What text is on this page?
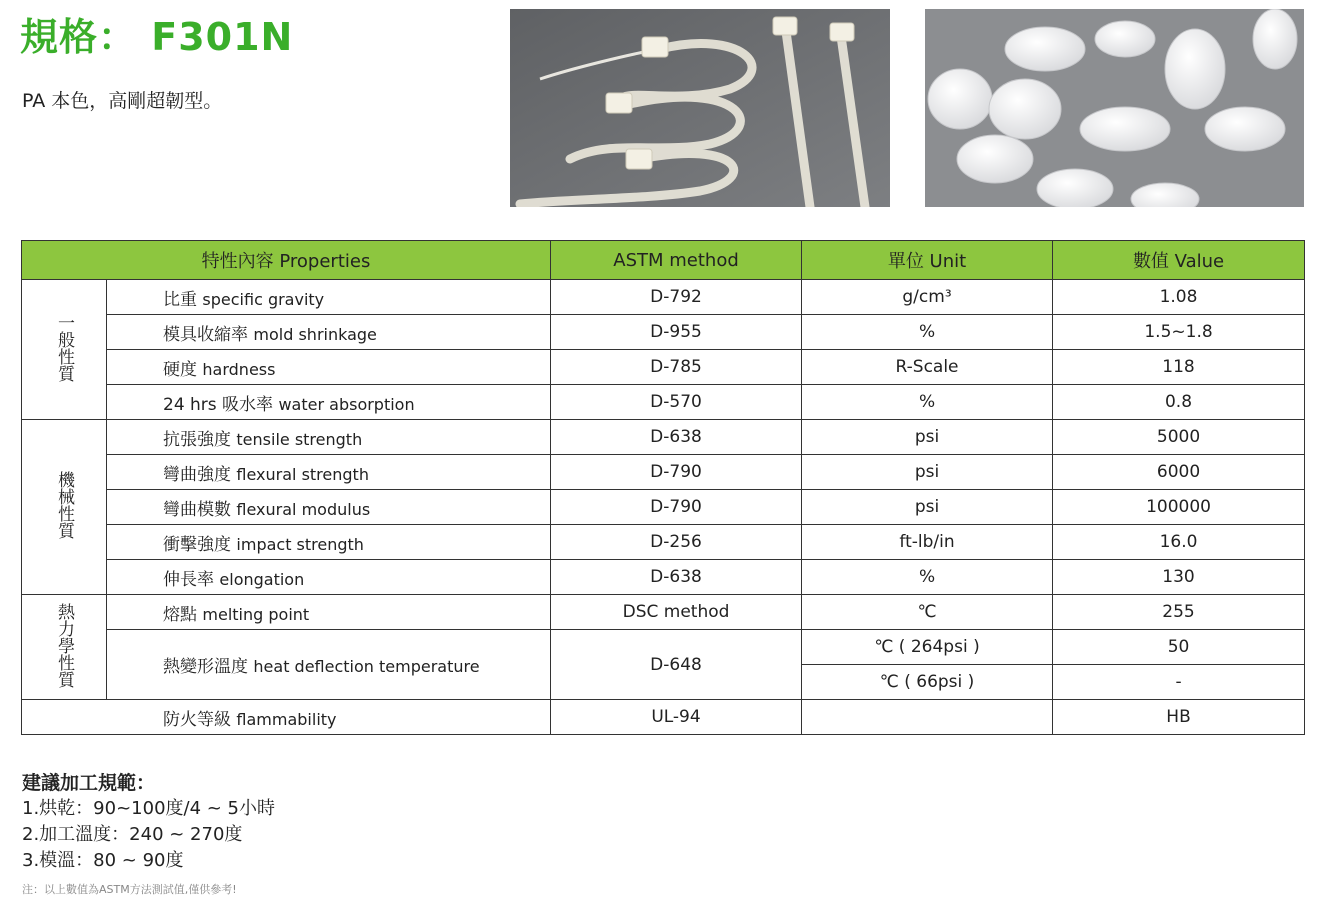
規格： F301N
PA 本色，高剛超韌型。
特性內容 Properties		ASTM method	單位 Unit	數值 Value
一般性質	比重 specific gravity	D-792	g/cm³	1.08
	模具收縮率 mold shrinkage	D-955	%	1.5~1.8
	硬度 hardness	D-785	R-Scale	118
	24 hrs 吸水率 water absorption	D-570	%	0.8
機械性質	抗張強度 tensile strength	D-638	psi	5000
	彎曲強度 flexural strength	D-790	psi	6000
	彎曲模數 flexural modulus	D-790	psi	100000
	衝擊強度 impact strength	D-256	ft-lb/in	16.0
	伸長率 elongation	D-638	%	130
熱力學性質	熔點 melting point	DSC method	℃	255
	熱變形溫度 heat deflection temperature	D-648	℃ ( 264psi )	50
			℃ ( 66psi )	-
防火等級 flammability		UL-94		HB
建議加工規範：
1.烘乾：90~100度/4 ~ 5小時
2.加工溫度：240 ~ 270度
3.模溫：80 ~ 90度
注：以上數值為ASTM方法測試值,僅供參考!
